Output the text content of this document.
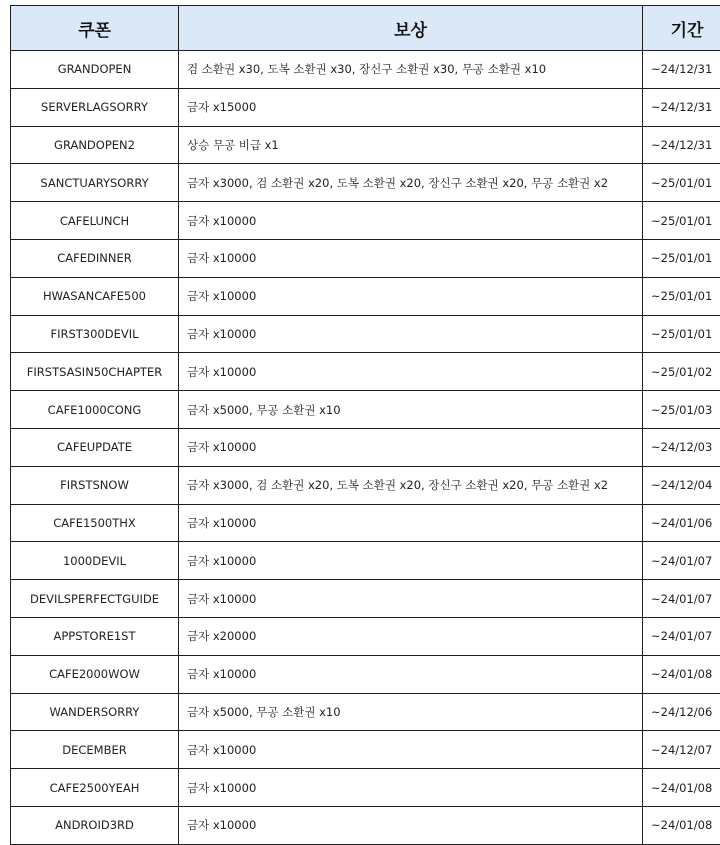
쿠폰	보상	기간
GRANDOPEN	검 소환권 x30, 도복 소환권 x30, 장신구 소환권 x30, 무공 소환권 x10	~24/12/31
SERVERLAGSORRY	금자 x15000	~24/12/31
GRANDOPEN2	상승 무공 비급 x1	~24/12/31
SANCTUARYSORRY	금자 x3000, 검 소환권 x20, 도복 소환권 x20, 장신구 소환권 x20, 무공 소환권 x2	~25/01/01
CAFELUNCH	금자 x10000	~25/01/01
CAFEDINNER	금자 x10000	~25/01/01
HWASANCAFE500	금자 x10000	~25/01/01
FIRST300DEVIL	금자 x10000	~25/01/01
FIRSTSASIN50CHAPTER	금자 x10000	~25/01/02
CAFE1000CONG	금자 x5000, 무공 소환권 x10	~25/01/03
CAFEUPDATE	금자 x10000	~24/12/03
FIRSTSNOW	금자 x3000, 검 소환권 x20, 도복 소환권 x20, 장신구 소환권 x20, 무공 소환권 x2	~24/12/04
CAFE1500THX	금자 x10000	~24/01/06
1000DEVIL	금자 x10000	~24/01/07
DEVILSPERFECTGUIDE	금자 x10000	~24/01/07
APPSTORE1ST	금자 x20000	~24/01/07
CAFE2000WOW	금자 x10000	~24/01/08
WANDERSORRY	금자 x5000, 무공 소환권 x10	~24/12/06
DECEMBER	금자 x10000	~24/12/07
CAFE2500YEAH	금자 x10000	~24/01/08
ANDROID3RD	금자 x10000	~24/01/08
